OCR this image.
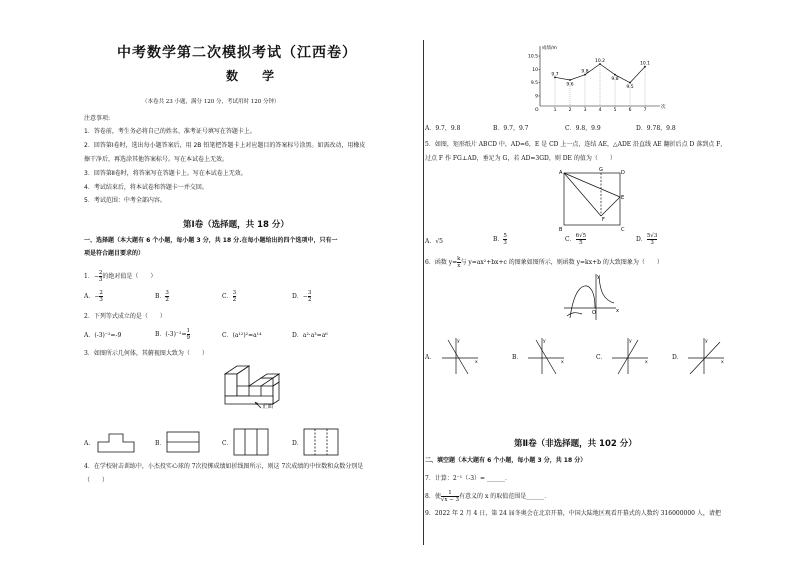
中考数学第二次模拟考试（江西卷）
数 学
（本卷共 23 小题，满分 120 分，考试用时 120 分钟）
注意事项:
1．答卷前，考生务必将自己的姓名、准考证号填写在答题卡上。
2．回答第Ⅰ卷时，选出每小题答案后，用 2B 铅笔把答题卡上对应题目的答案标号涂黑。如需改动，用橡皮
擦干净后，再选涂其他答案标号。写在本试卷上无效。
3．回答第Ⅱ卷时，将答案写在答题卡上。写在本试卷上无效。
4．考试结束后，将本试卷和答题卡一并交回。
5．考试范围：中考全部内容。
第Ⅰ卷（选择题，共 18 分）
一、选择题（本大题有 6 个小题，每小题 3 分，共 18 分.在每小题给出的四个选项中，只有一
项是符合题目要求的）
1．− $\frac{2}{3}$ 的绝对值是（　　）
A．− $\frac{2}{3}$	B． $\frac{3}{2}$	C． $\frac{3}{2}$	D．− $\frac{3}{2}$
2．下列等式成立的是（　　）
A．(-3)⁻²=-9	B．$(-3)^{-2}= \frac{1}{9}$	C．(a¹²)²=a¹⁴	D．a²·a³=a⁶
3．如图所示几何体，其俯视图大致为（　　）
正面
A．	B．	C．	D．
4．在学校射击训练中，小杰投实心球的 7次投掷成绩如折线图所示，则这 7次成绩的中位数和众数分别是
（　　）
成绩/m
次
O
10.5
10
9.5
9
1	2	3	4	5	6	7
9.7
9.6
9.8
10.2
9.8
9.5
10.1
A．9.7，9.8	B．9.7，9.7	C．9.8，9.9	D．9.78，9.8
5．如图，矩形纸片 ABCD 中，AD=6，E 是 CD 上一点，连结 AE，△ADE 沿直线 AE 翻折后点 D 落到点 F，
过点 F 作 FG⊥AD，垂足为 G，若 AD=3GD，则 DE 的值为（　　）
A	D
G
E
F
B	C
A．√5	B． $\frac{5}{3}$	C． $\frac{6√5}{5}$	D． $\frac{5√3}{3}$
6．函数 $y= \frac{k}{x}$ 与 y=ax²+bx+c 的图象如图所示，则函数 y=kx+b 的大致图象为（　　）
y
x
O
A．
y
x
B．
y
x
C．
y
x
D．
y
x
第Ⅱ卷（非选择题，共 102 分）
二、填空题（本大题有 6 个小题，每小题 3 分，共 18 分）
7．计算：2⁻¹（-3）= ______．
8．使 $\frac{1}{√x - 3}$ 有意义的 x 的取值范围是______．
9．2022 年 2 月 4 日，第 24 届冬奥会在北京开幕，中国大陆地区观看开幕式的人数约 316000000 人，请把
